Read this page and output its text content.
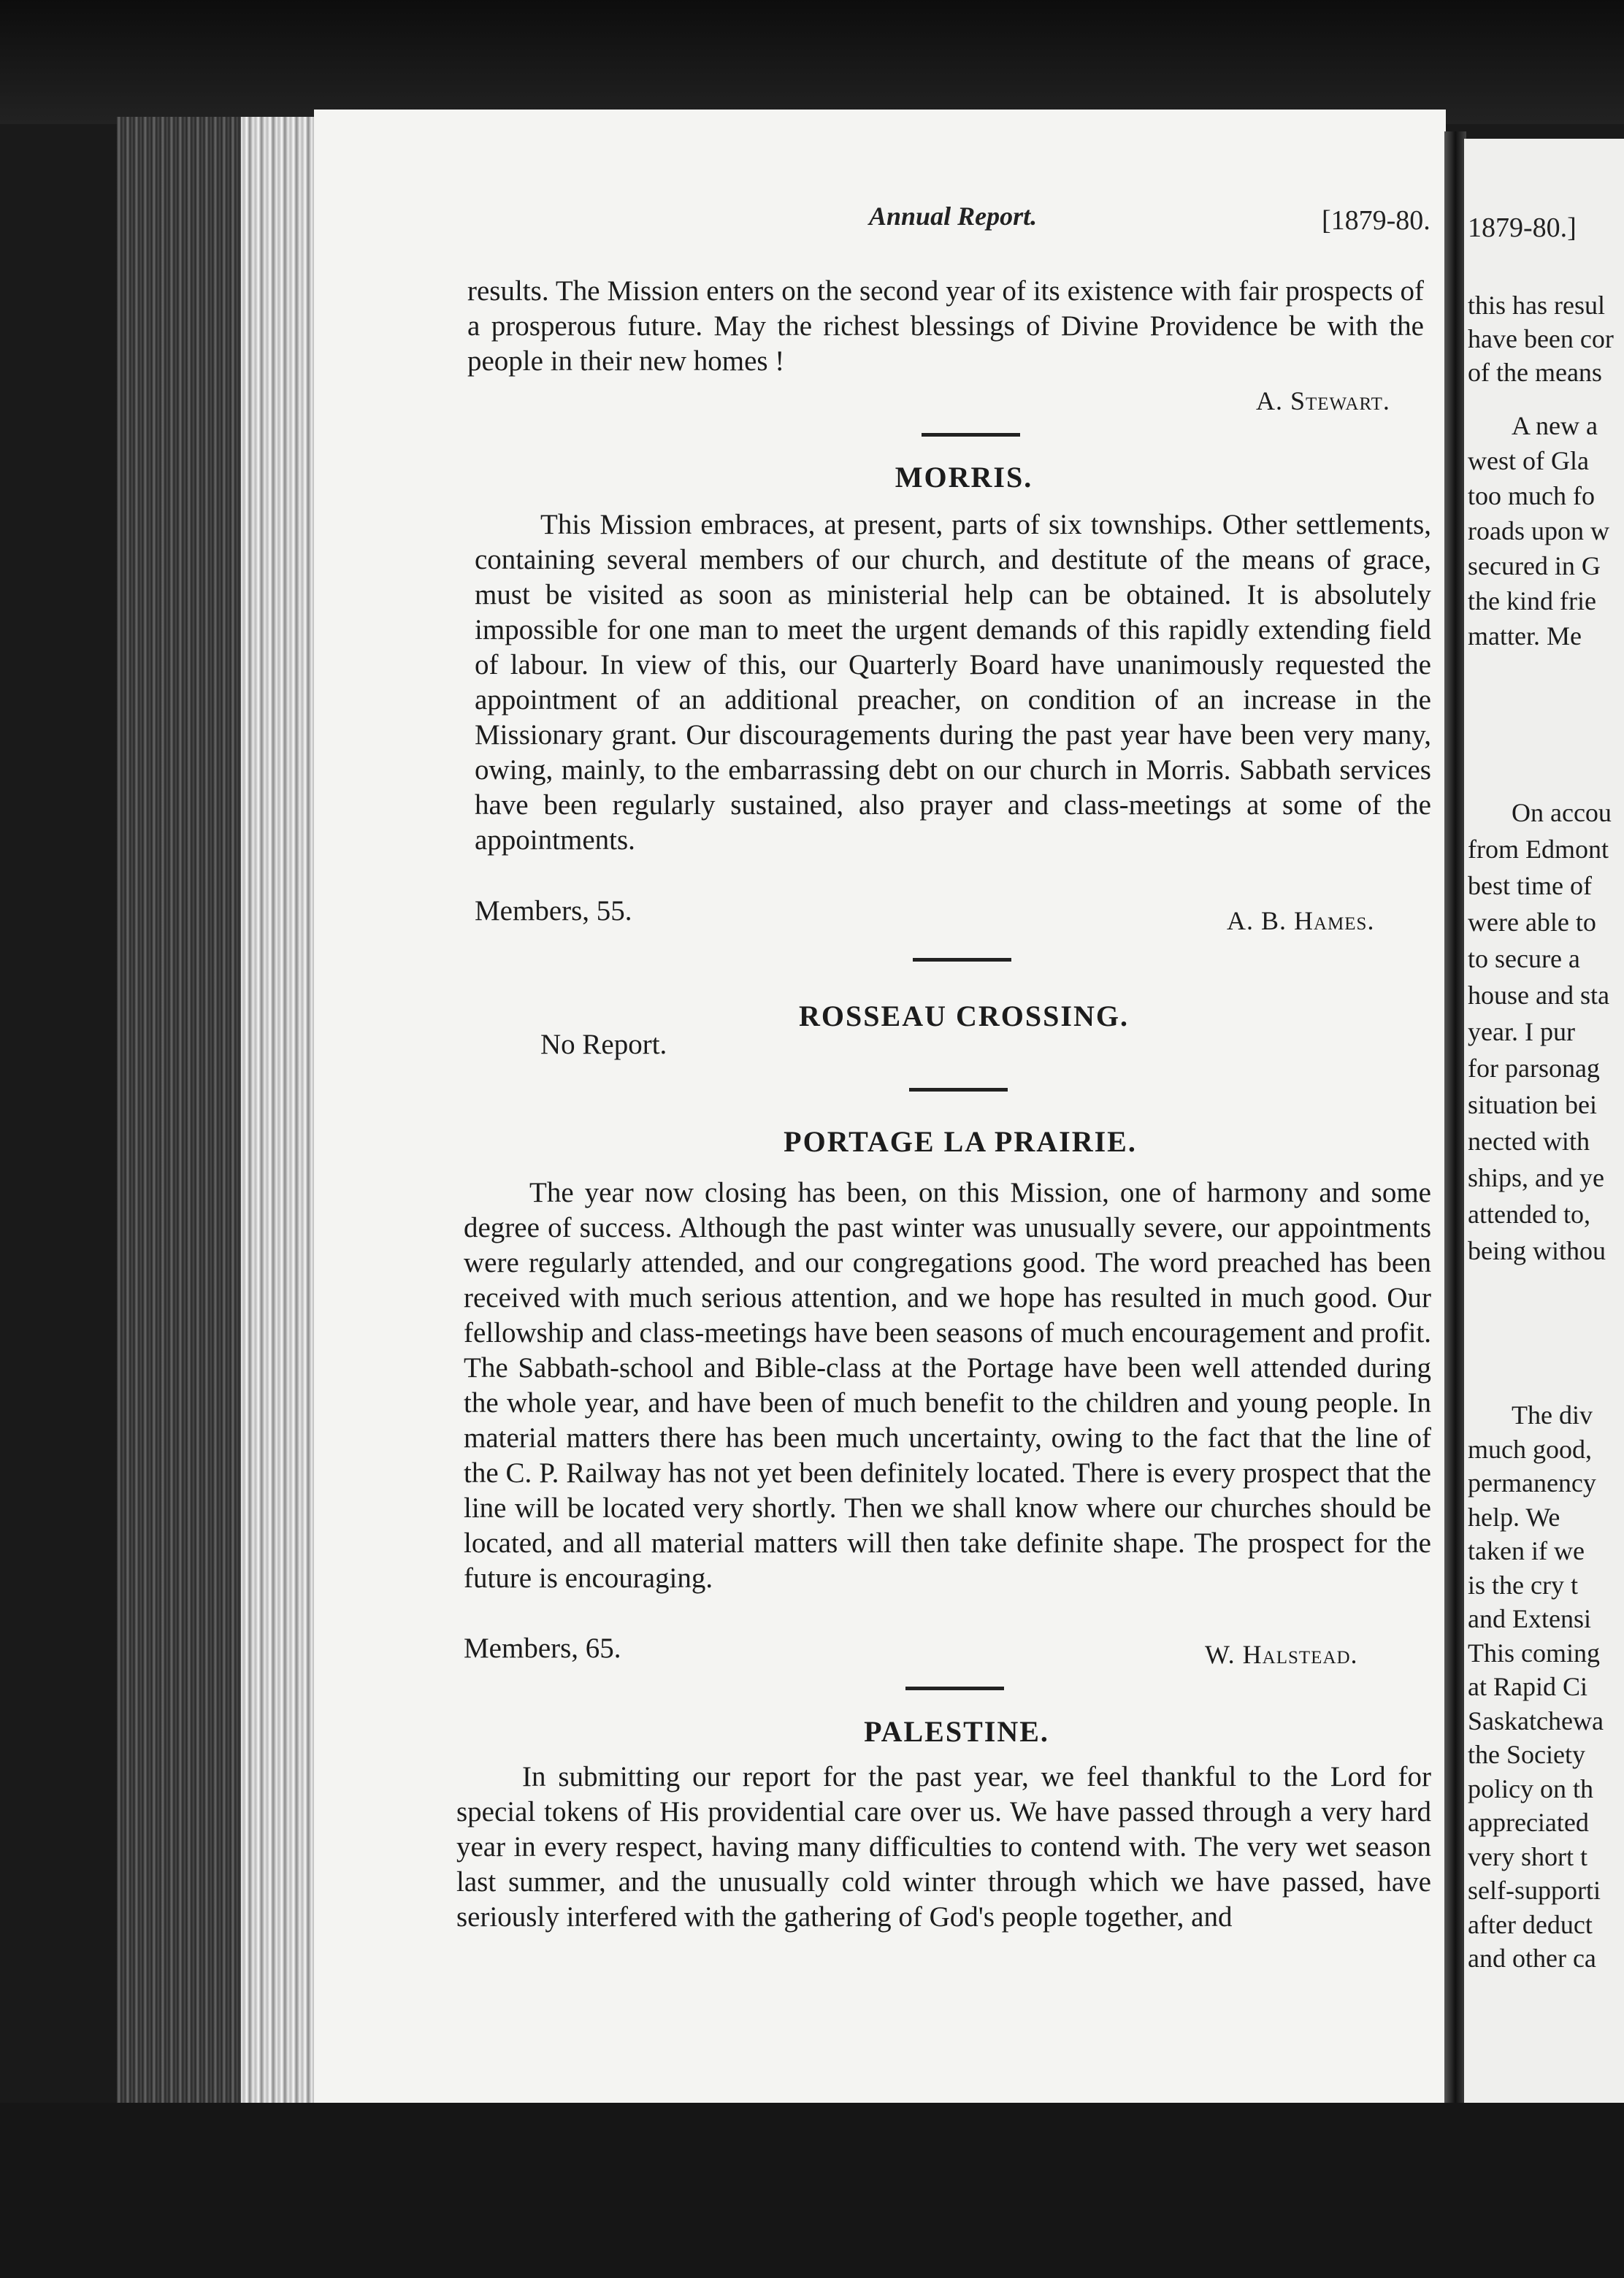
Annual Report.	[1879-80.

results. The Mission enters on the second year of its existence with fair prospects of a prosperous future. May the richest blessings of Divine Providence be with the people in their new homes !

A. Stewart.
MORRIS.

This Mission embraces, at present, parts of six townships. Other settlements, containing several members of our church, and destitute of the means of grace, must be visited as soon as ministerial help can be obtained. It is absolutely impossible for one man to meet the urgent demands of this rapidly extending field of labour. In view of this, our Quarterly Board have unanimously requested the appointment of an additional preacher, on condition of an increase in the Missionary grant. Our discouragements during the past year have been very many, owing, mainly, to the embarrassing debt on our church in Morris. Sabbath services have been regularly sustained, also prayer and class-meetings at some of the appointments.

Members, 55.	A. B. Hames.
ROSSEAU CROSSING.
No Report.
PORTAGE LA PRAIRIE.

The year now closing has been, on this Mission, one of harmony and some degree of success. Although the past winter was unusually severe, our appointments were regularly attended, and our congregations good. The word preached has been received with much serious attention, and we hope has resulted in much good. Our fellowship and class-meetings have been seasons of much encouragement and profit. The Sabbath-school and Bible-class at the Portage have been well attended during the whole year, and have been of much benefit to the children and young people. In material matters there has been much uncertainty, owing to the fact that the line of the C. P. Railway has not yet been definitely located. There is every prospect that the line will be located very shortly. Then we shall know where our churches should be located, and all material matters will then take definite shape. The prospect for the future is encouraging.

Members, 65.	W. Halstead.
PALESTINE.

In submitting our report for the past year, we feel thankful to the Lord for special tokens of His providential care over us. We have passed through a very hard year in every respect, having many difficulties to contend with. The very wet season last summer, and the unusually cold winter through which we have passed, have seriously interfered with the gathering of God's people together, and

1879-80.]
this has resul
have been cor
of the means
A new a
west of Gla
too much fo
roads upon w
secured in G
the kind frie
matter. Me
On accou
from Edmont
best time of
were able to
to secure a
house and sta
year. I pur
for parsonag
situation bei
nected with
ships, and ye
attended to,
being withou
The div
much good,
permanency
help. We
taken if we
is the cry t
and Extensi
This coming
at Rapid Ci
Saskatchewa
the Society
policy on th
appreciated
very short t
self-supporti
after deduct
and other ca
